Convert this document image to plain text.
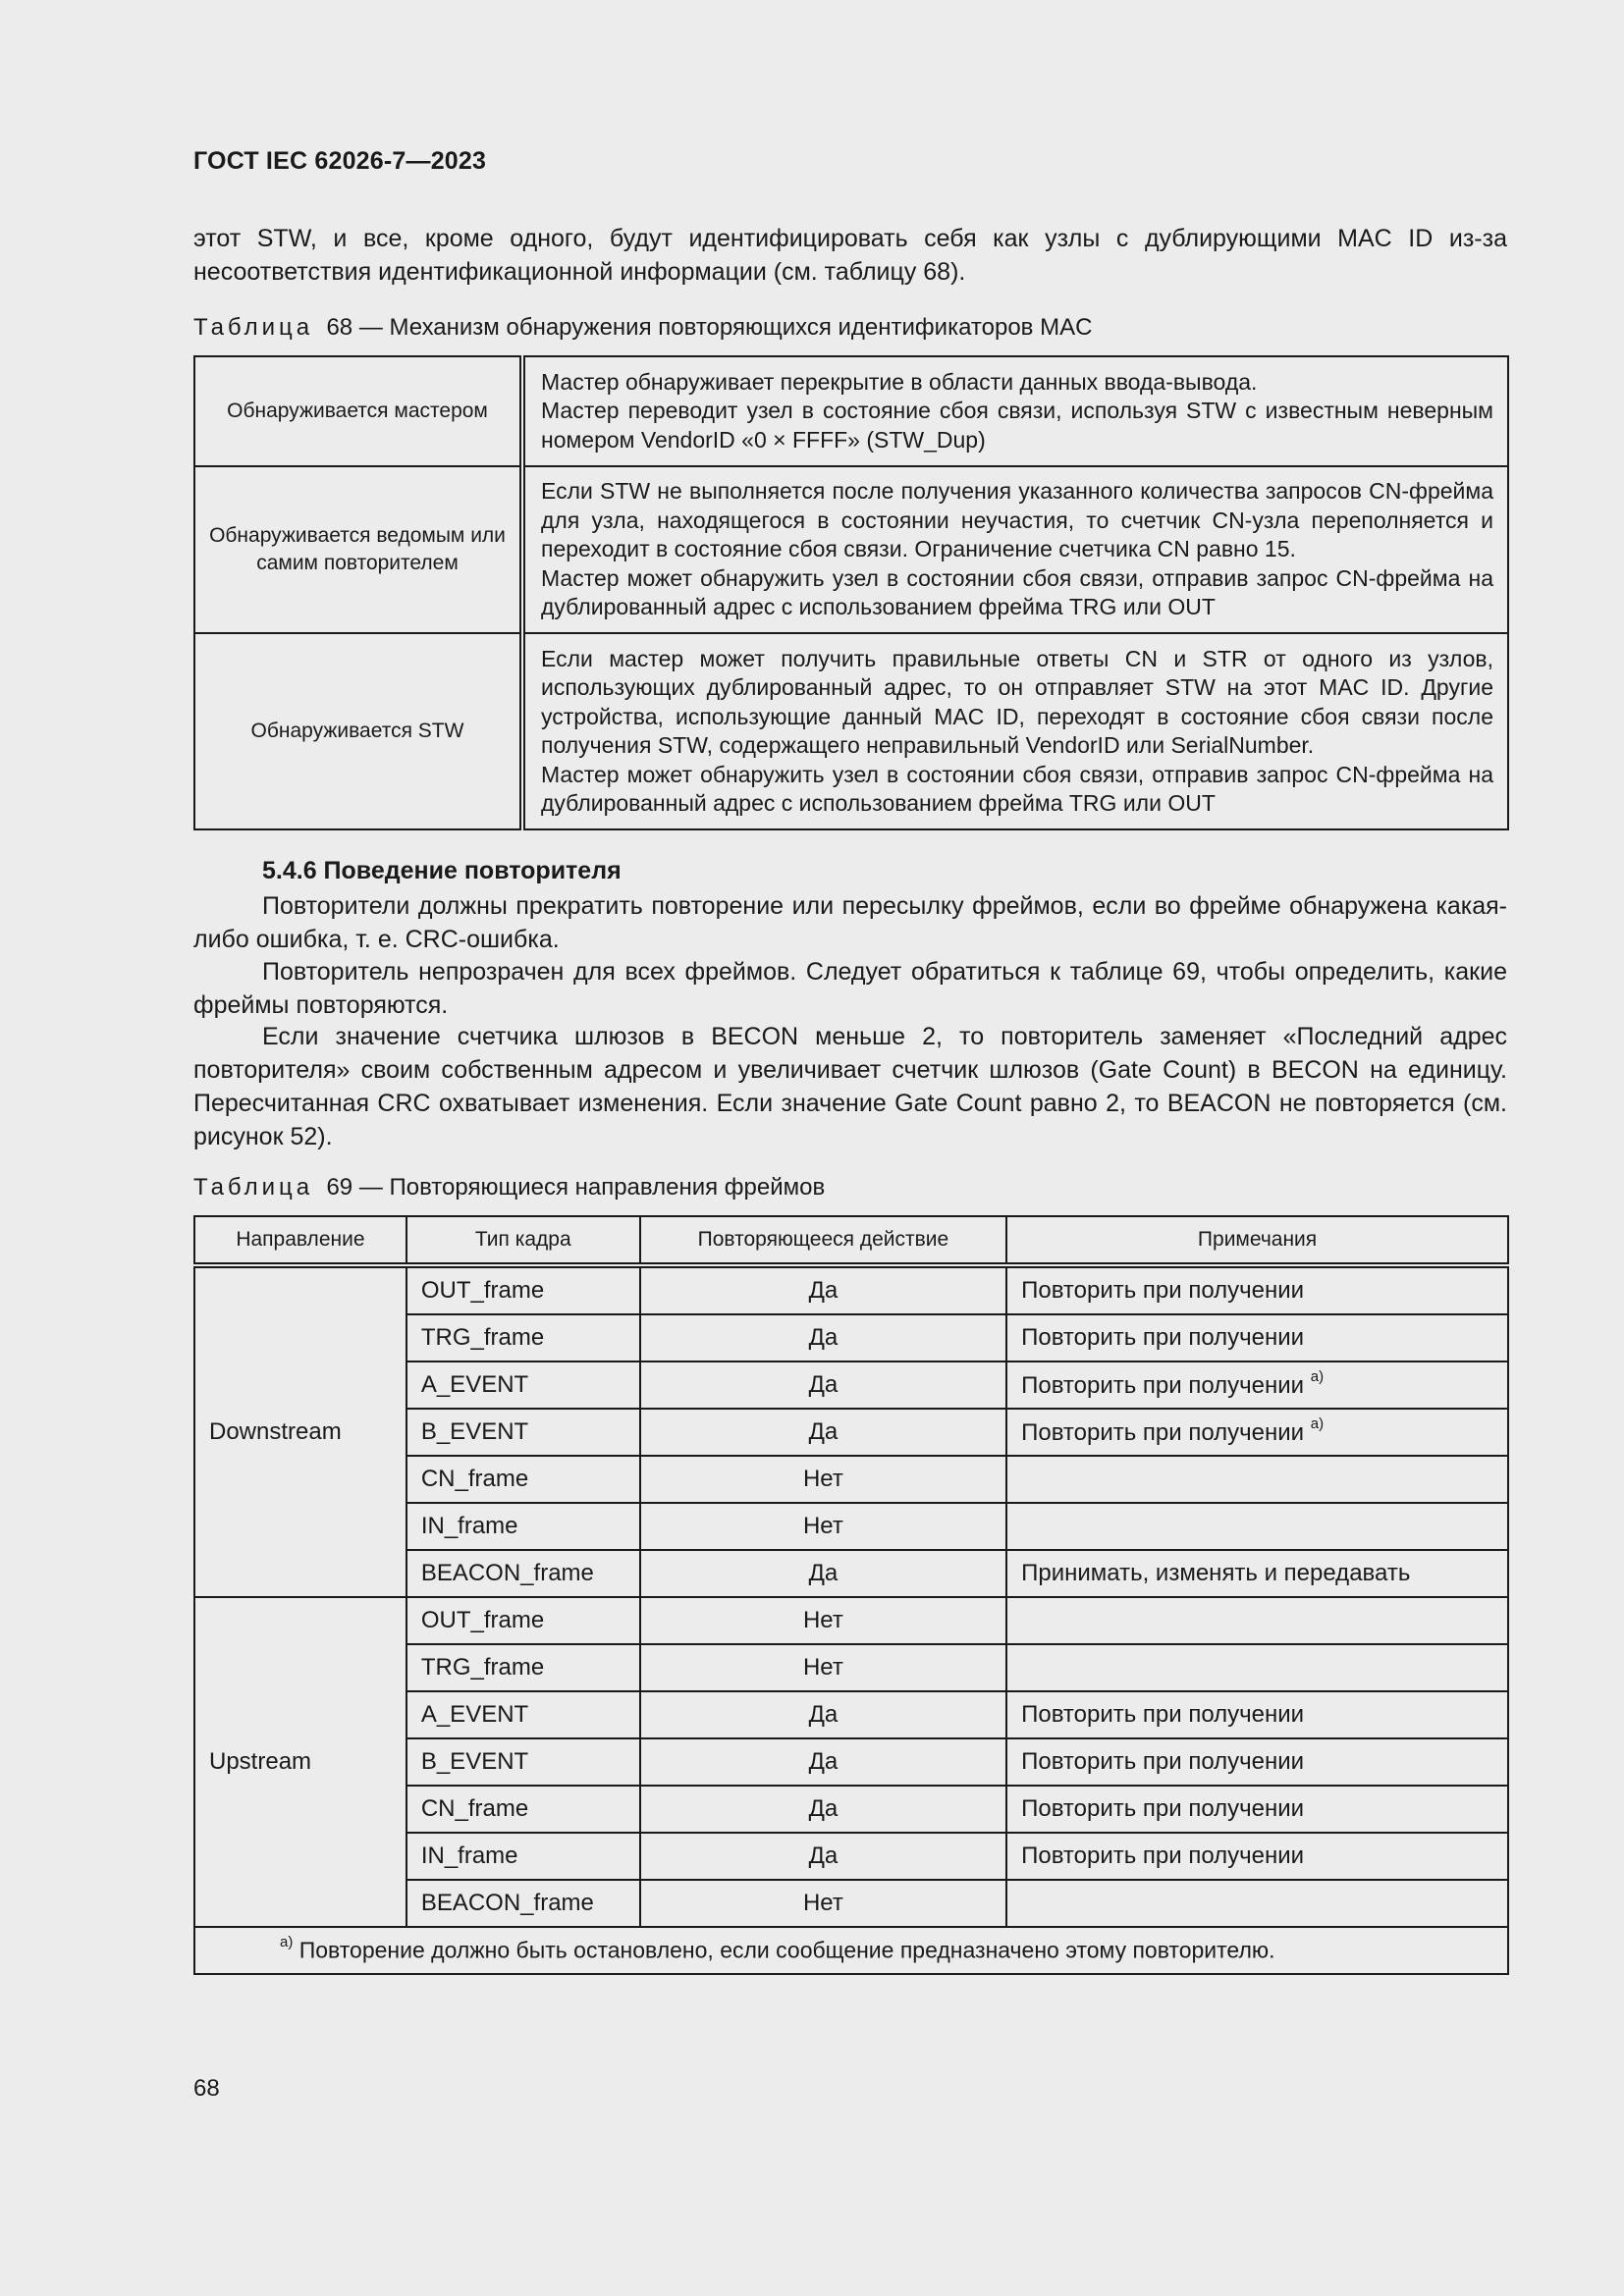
ГОСТ IEC 62026-7—2023
этот STW, и все, кроме одного, будут идентифицировать себя как узлы с дублирующими MAC ID из-за несоответствия идентификационной информации (см. таблицу 68).
Таблица 68 — Механизм обнаружения повторяющихся идентификаторов MAC
Обнаруживается мастером	Мастер обнаруживает перекрытие в области данных ввода-вывода.
Мастер переводит узел в состояние сбоя связи, используя STW с известным неверным номером VendorID «0 × FFFF» (STW_Dup)
Обнаруживается ведомым или самим повторителем	Если STW не выполняется после получения указанного количества запросов CN-фрейма для узла, находящегося в состоянии неучастия, то счетчик CN-узла переполняется и переходит в состояние сбоя связи. Ограничение счетчика CN равно 15.
Мастер может обнаружить узел в состоянии сбоя связи, отправив запрос CN-фрейма на дублированный адрес с использованием фрейма TRG или OUT
Обнаруживается STW	Если мастер может получить правильные ответы CN и STR от одного из узлов, использующих дублированный адрес, то он отправляет STW на этот MAC ID. Другие устройства, использующие данный MAC ID, переходят в состояние сбоя связи после получения STW, содержащего неправильный VendorID или SerialNumber.
Мастер может обнаружить узел в состоянии сбоя связи, отправив запрос CN-фрейма на дублированный адрес с использованием фрейма TRG или OUT
5.4.6 Поведение повторителя
Повторители должны прекратить повторение или пересылку фреймов, если во фрейме обнаружена какая-либо ошибка, т. е. CRC-ошибка.
Повторитель непрозрачен для всех фреймов. Следует обратиться к таблице 69, чтобы определить, какие фреймы повторяются.
Если значение счетчика шлюзов в BECON меньше 2, то повторитель заменяет «Последний адрес повторителя» своим собственным адресом и увеличивает счетчик шлюзов (Gate Count) в BECON на единицу. Пересчитанная CRC охватывает изменения. Если значение Gate Count равно 2, то BEACON не повторяется (см. рисунок 52).
Таблица 69 — Повторяющиеся направления фреймов
Направление	Тип кадра	Повторяющееся действие	Примечания
Downstream	OUT_frame	Да	Повторить при получении
	TRG_frame	Да	Повторить при получении
	A_EVENT	Да	Повторить при получении $^{a)}$
	B_EVENT	Да	Повторить при получении $^{a)}$
	CN_frame	Нет	
	IN_frame	Нет	
	BEACON_frame	Да	Принимать, изменять и передавать
Upstream	OUT_frame	Нет	
	TRG_frame	Нет	
	A_EVENT	Да	Повторить при получении
	B_EVENT	Да	Повторить при получении
	CN_frame	Да	Повторить при получении
	IN_frame	Да	Повторить при получении
	BEACON_frame	Нет	
$^{a)}$ Повторение должно быть остановлено, если сообщение предназначено этому повторителю.			
68
